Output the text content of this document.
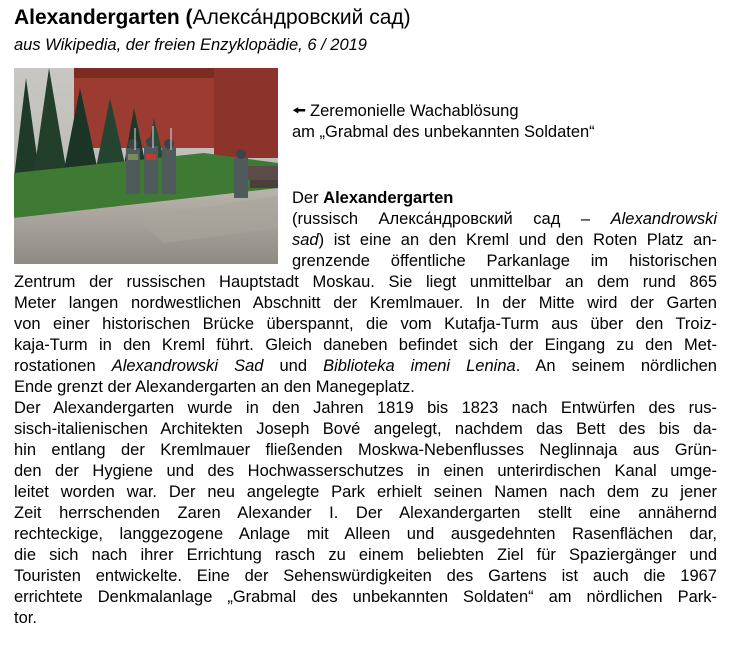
Alexandergarten (Алекса́ндровский сад)
aus Wikipedia, der freien Enzyklopädie, 6 / 2019
🠘 Zeremonielle Wachablösung
am „Grabmal des unbekannten Soldaten“
Der Alexandergarten
(russisch Алекса́ндровский сад – Alexandrowski
sad) ist eine an den Kreml und den Roten Platz an-
grenzende öffentliche Parkanlage im historischen
Zentrum der russischen Hauptstadt Moskau. Sie liegt unmittelbar an dem rund 865
Meter langen nordwestlichen Abschnitt der Kremlmauer. In der Mitte wird der Garten
von einer historischen Brücke überspannt, die vom Kutafja-Turm aus über den Troiz-
kaja-Turm in den Kreml führt. Gleich daneben befindet sich der Eingang zu den Met-
rostationen Alexandrowski Sad und Biblioteka imeni Lenina. An seinem nördlichen
Ende grenzt der Alexandergarten an den Manegeplatz.
Der Alexandergarten wurde in den Jahren 1819 bis 1823 nach Entwürfen des rus-
sisch-italienischen Architekten Joseph Bové angelegt, nachdem das Bett des bis da-
hin entlang der Kremlmauer fließenden Moskwa-Nebenflusses Neglinnaja aus Grün-
den der Hygiene und des Hochwasserschutzes in einen unterirdischen Kanal umge-
leitet worden war. Der neu angelegte Park erhielt seinen Namen nach dem zu jener
Zeit herrschenden Zaren Alexander I. Der Alexandergarten stellt eine annähernd
rechteckige, langgezogene Anlage mit Alleen und ausgedehnten Rasenflächen dar,
die sich nach ihrer Errichtung rasch zu einem beliebten Ziel für Spaziergänger und
Touristen entwickelte. Eine der Sehenswürdigkeiten des Gartens ist auch die 1967
errichtete Denkmalanlage „Grabmal des unbekannten Soldaten“ am nördlichen Park-
tor.
